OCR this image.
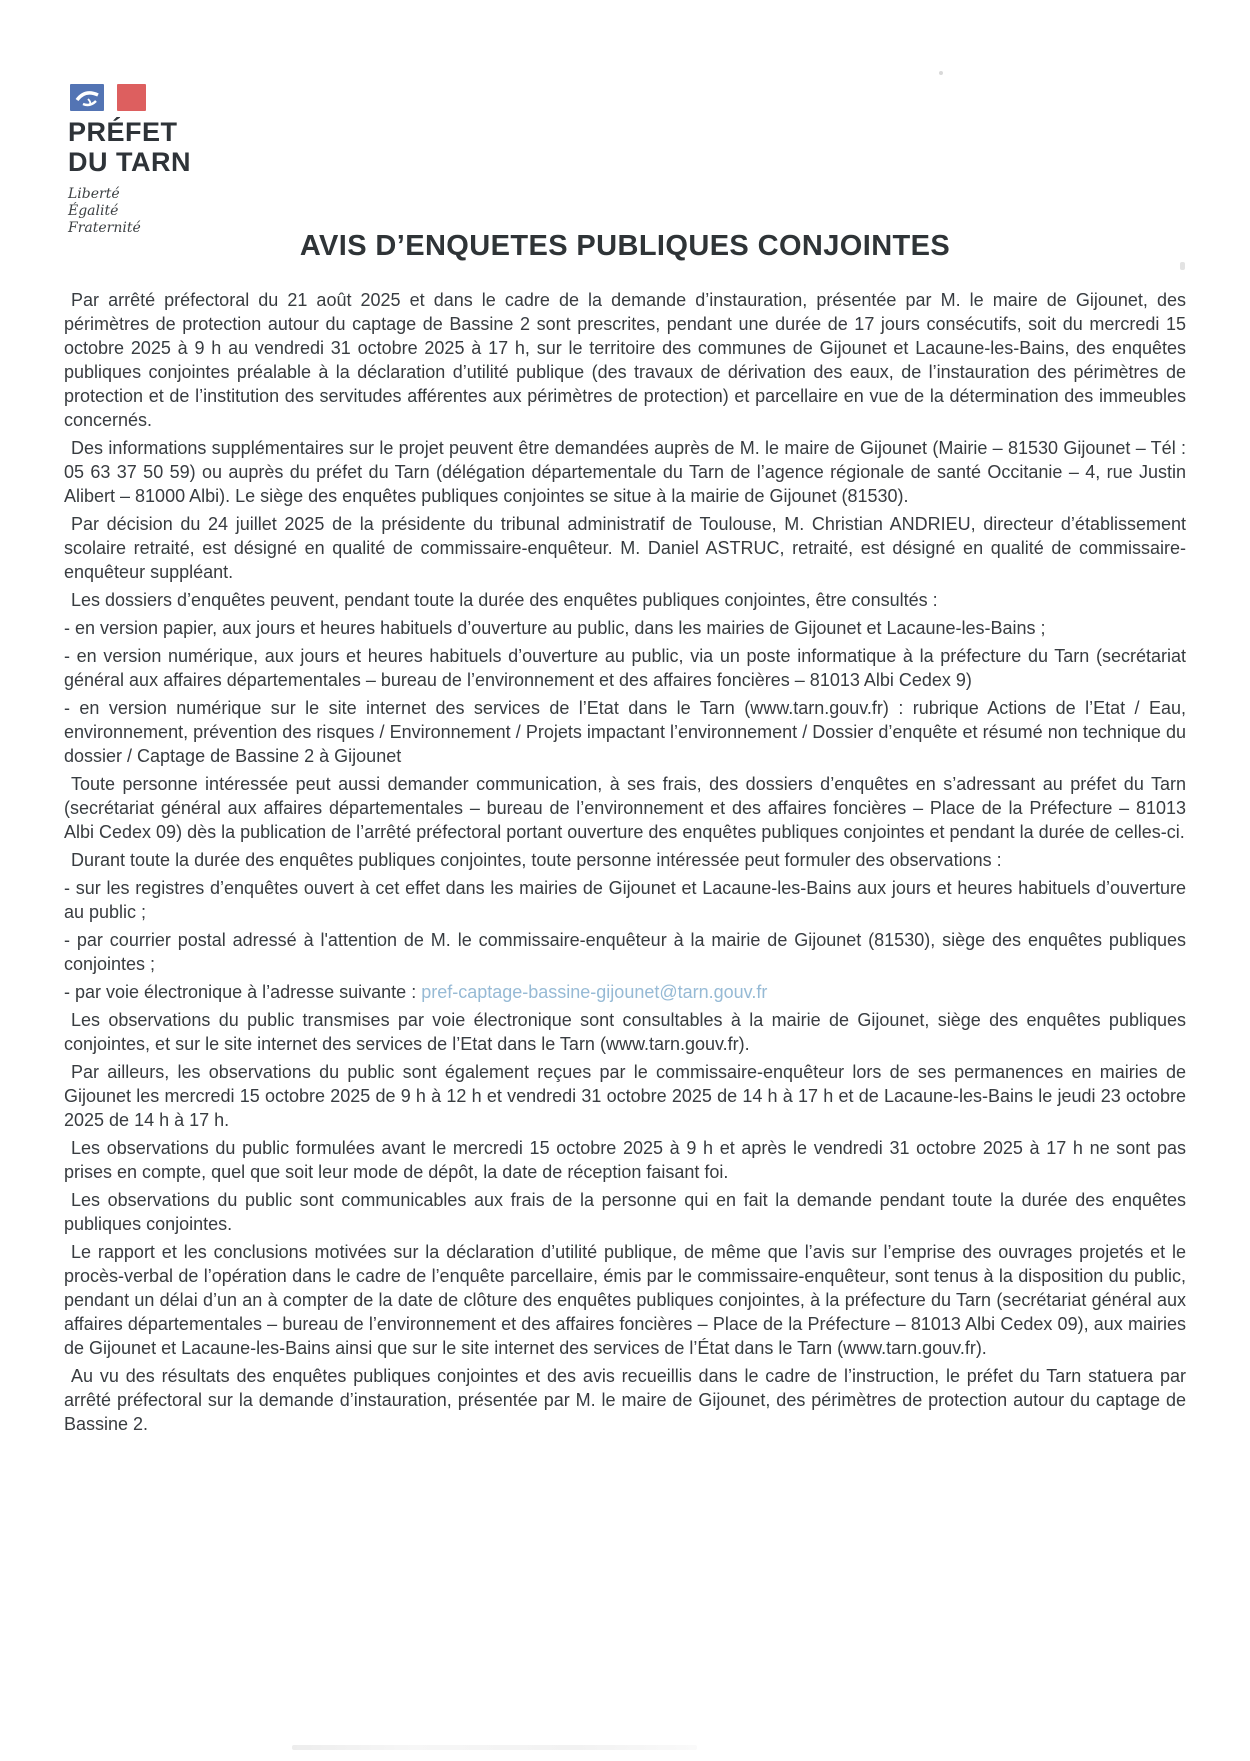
PRÉFET
DU TARN
Liberté
Égalité
Fraternité
AVIS D’ENQUETES PUBLIQUES CONJOINTES

Par arrêté préfectoral du 21 août 2025 et dans le cadre de la demande d’instauration, présentée par M. le maire de Gijounet, des périmètres de protection autour du captage de Bassine 2 sont prescrites, pendant une durée de 17 jours consécutifs, soit du mercredi 15 octobre 2025 à 9 h au vendredi 31 octobre 2025 à 17 h, sur le territoire des communes de Gijounet et Lacaune-les-Bains, des enquêtes publiques conjointes préalable à la déclaration d’utilité publique (des travaux de dérivation des eaux, de l’instauration des périmètres de protection et de l’institution des servitudes afférentes aux périmètres de protection) et parcellaire en vue de la détermination des immeubles concernés.

Des informations supplémentaires sur le projet peuvent être demandées auprès de M. le maire de Gijounet (Mairie – 81530 Gijounet – Tél : 05 63 37 50 59) ou auprès du préfet du Tarn (délégation départementale du Tarn de l’agence régionale de santé Occitanie – 4, rue Justin Alibert – 81000 Albi). Le siège des enquêtes publiques conjointes se situe à la mairie de Gijounet (81530).

Par décision du 24 juillet 2025 de la présidente du tribunal administratif de Toulouse, M. Christian ANDRIEU, directeur d’établissement scolaire retraité, est désigné en qualité de commissaire-enquêteur. M. Daniel ASTRUC, retraité, est désigné en qualité de commissaire-enquêteur suppléant.

Les dossiers d’enquêtes peuvent, pendant toute la durée des enquêtes publiques conjointes, être consultés :

- en version papier, aux jours et heures habituels d’ouverture au public, dans les mairies de Gijounet et Lacaune-les-Bains ;

- en version numérique, aux jours et heures habituels d’ouverture au public, via un poste informatique à la préfecture du Tarn (secrétariat général aux affaires départementales – bureau de l’environnement et des affaires foncières – 81013 Albi Cedex 9)

- en version numérique sur le site internet des services de l’Etat dans le Tarn (www.tarn.gouv.fr) : rubrique Actions de l’Etat / Eau, environnement, prévention des risques / Environnement / Projets impactant l’environnement / Dossier d’enquête et résumé non technique du dossier / Captage de Bassine 2 à Gijounet

Toute personne intéressée peut aussi demander communication, à ses frais, des dossiers d’enquêtes en s’adressant au préfet du Tarn (secrétariat général aux affaires départementales – bureau de l’environnement et des affaires foncières – Place de la Préfecture – 81013 Albi Cedex 09) dès la publication de l’arrêté préfectoral portant ouverture des enquêtes publiques conjointes et pendant la durée de celles-ci.

Durant toute la durée des enquêtes publiques conjointes, toute personne intéressée peut formuler des observations :

- sur les registres d’enquêtes ouvert à cet effet dans les mairies de Gijounet et Lacaune-les-Bains aux jours et heures habituels d’ouverture au public ;

- par courrier postal adressé à l'attention de M. le commissaire-enquêteur à la mairie de Gijounet (81530), siège des enquêtes publiques conjointes ;

- par voie électronique à l’adresse suivante : pref-captage-bassine-gijounet@tarn.gouv.fr

Les observations du public transmises par voie électronique sont consultables à la mairie de Gijounet, siège des enquêtes publiques conjointes, et sur le site internet des services de l’Etat dans le Tarn (www.tarn.gouv.fr).

Par ailleurs, les observations du public sont également reçues par le commissaire-enquêteur lors de ses permanences en mairies de Gijounet les mercredi 15 octobre 2025 de 9 h à 12 h et vendredi 31 octobre 2025 de 14 h à 17 h et de Lacaune-les-Bains le jeudi 23 octobre 2025 de 14 h à 17 h.

Les observations du public formulées avant le mercredi 15 octobre 2025 à 9 h et après le vendredi 31 octobre 2025 à 17 h ne sont pas prises en compte, quel que soit leur mode de dépôt, la date de réception faisant foi.

Les observations du public sont communicables aux frais de la personne qui en fait la demande pendant toute la durée des enquêtes publiques conjointes.

Le rapport et les conclusions motivées sur la déclaration d’utilité publique, de même que l’avis sur l’emprise des ouvrages projetés et le procès-verbal de l’opération dans le cadre de l’enquête parcellaire, émis par le commissaire-enquêteur, sont tenus à la disposition du public, pendant un délai d’un an à compter de la date de clôture des enquêtes publiques conjointes, à la préfecture du Tarn (secrétariat général aux affaires départementales – bureau de l’environnement et des affaires foncières – Place de la Préfecture – 81013 Albi Cedex 09), aux mairies de Gijounet et Lacaune-les-Bains ainsi que sur le site internet des services de l’État dans le Tarn (www.tarn.gouv.fr).

Au vu des résultats des enquêtes publiques conjointes et des avis recueillis dans le cadre de l’instruction, le préfet du Tarn statuera par arrêté préfectoral sur la demande d’instauration, présentée par M. le maire de Gijounet, des périmètres de protection autour du captage de Bassine 2.
